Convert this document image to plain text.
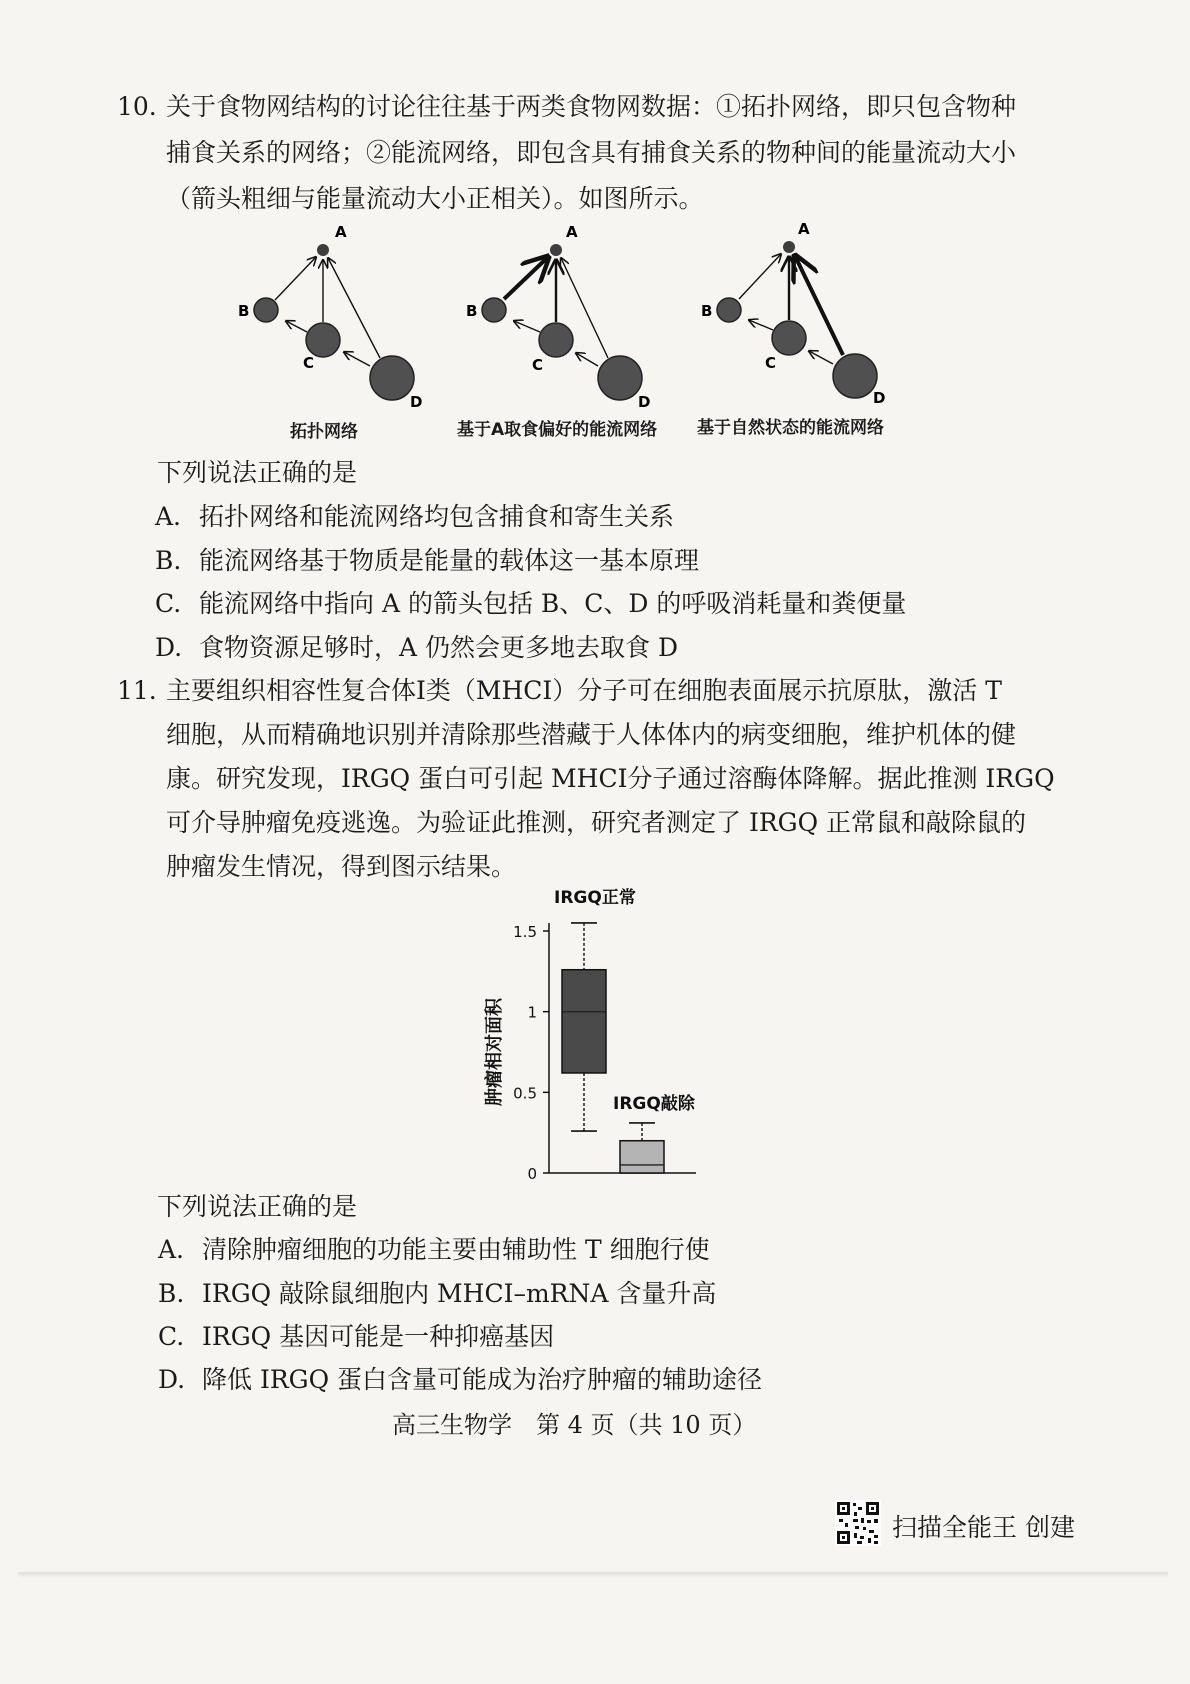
10. 关于食物网结构的讨论往往基于两类食物网数据：①拓扑网络，即只包含物种
捕食关系的网络；②能流网络，即包含具有捕食关系的物种间的能量流动大小
（箭头粗细与能量流动大小正相关）。如图所示。
A
B
C
D
A
B
C
D
A
B
C
D
拓扑网络	基于A取食偏好的能流网络 基于自然状态的能流网络
下列说法正确的是
A. 拓扑网络和能流网络均包含捕食和寄生关系
B. 能流网络基于物质是能量的载体这一基本原理
C. 能流网络中指向 A 的箭头包括 B、C、D 的呼吸消耗量和粪便量
D. 食物资源足够时，A 仍然会更多地去取食 D
11. 主要组织相容性复合体Ⅰ类（MHCⅠ）分子可在细胞表面展示抗原肽，激活 T
细胞，从而精确地识别并清除那些潜藏于人体体内的病变细胞，维护机体的健
康。研究发现，IRGQ 蛋白可引起 MHCⅠ分子通过溶酶体降解。据此推测 IRGQ
可介导肿瘤免疫逃逸。为验证此推测，研究者测定了 IRGQ 正常鼠和敲除鼠的
肿瘤发生情况，得到图示结果。
1.5
1
0.5
0
肿瘤相对面积
IRGQ正常
IRGQ敲除
下列说法正确的是
A. 清除肿瘤细胞的功能主要由辅助性 T 细胞行使
B. IRGQ 敲除鼠细胞内 MHCⅠ–mRNA 含量升高
C. IRGQ 基因可能是一种抑癌基因
D. 降低 IRGQ 蛋白含量可能成为治疗肿瘤的辅助途径
高三生物学　第 4 页（共 10 页）
扫描全能王 创建
